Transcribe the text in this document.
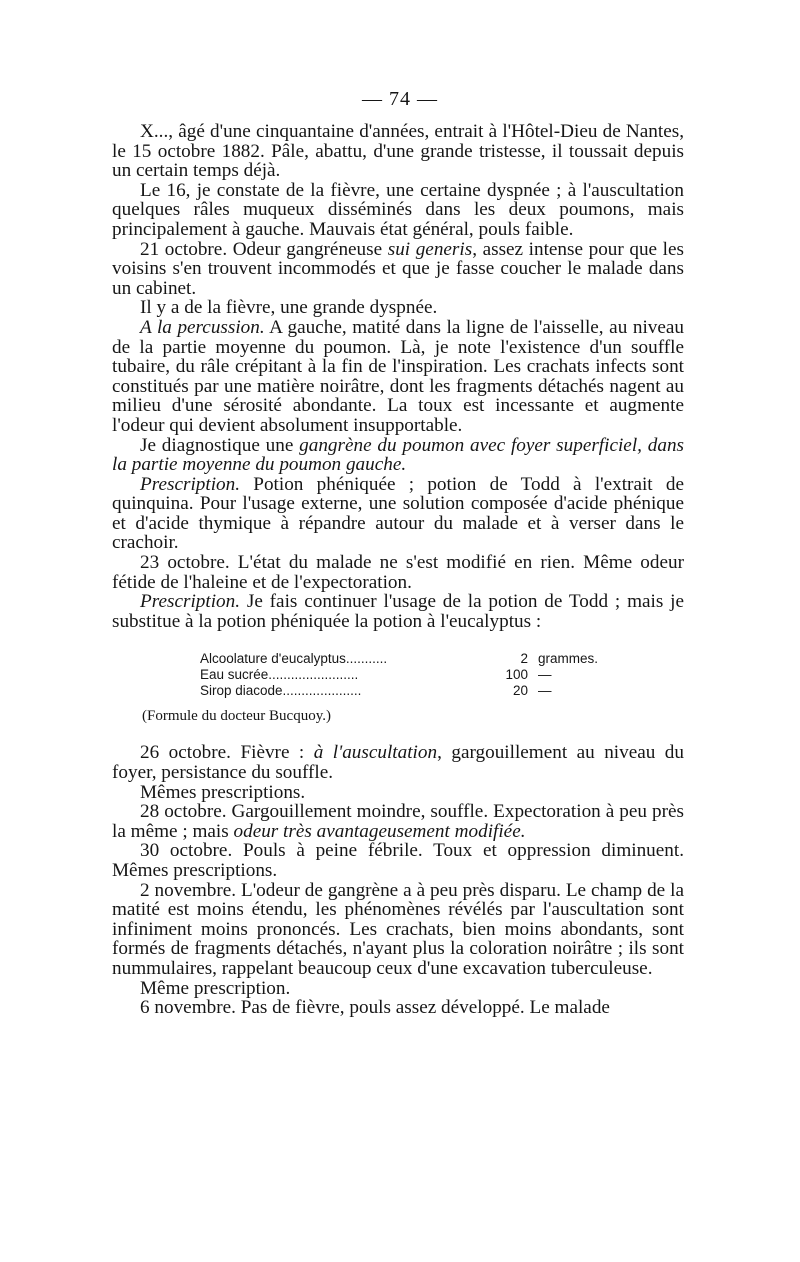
— 74 —

X..., âgé d'une cinquantaine d'années, entrait à l'Hôtel-Dieu de Nantes, le 15 octobre 1882. Pâle, abattu, d'une grande tristesse, il toussait depuis un certain temps déjà.

Le 16, je constate de la fièvre, une certaine dyspnée ; à l'auscultation quelques râles muqueux disséminés dans les deux poumons, mais principalement à gauche. Mauvais état général, pouls faible.

21 octobre. Odeur gangréneuse sui generis, assez intense pour que les voisins s'en trouvent incommodés et que je fasse coucher le malade dans un cabinet.

Il y a de la fièvre, une grande dyspnée.

A la percussion. A gauche, matité dans la ligne de l'aisselle, au niveau de la partie moyenne du poumon. Là, je note l'existence d'un souffle tubaire, du râle crépitant à la fin de l'inspiration. Les crachats infects sont constitués par une matière noirâtre, dont les fragments détachés nagent au milieu d'une sérosité abondante. La toux est incessante et augmente l'odeur qui devient absolument insupportable.

Je diagnostique une gangrène du poumon avec foyer superficiel, dans la partie moyenne du poumon gauche.

Prescription. Potion phéniquée ; potion de Todd à l'extrait de quinquina. Pour l'usage externe, une solution composée d'acide phénique et d'acide thymique à répandre autour du malade et à verser dans le crachoir.

23 octobre. L'état du malade ne s'est modifié en rien. Même odeur fétide de l'haleine et de l'expectoration.

Prescription. Je fais continuer l'usage de la potion de Todd ; mais je substitue à la potion phéniquée la potion à l'eucalyptus :

Alcoolature d'eucalyptus...........	2 grammes.
Eau sucrée........................	100 —
Sirop diacode.....................	20 —
(Formule du docteur Bucquoy.)

26 octobre. Fièvre : à l'auscultation, gargouillement au niveau du foyer, persistance du souffle.

Mêmes prescriptions.

28 octobre. Gargouillement moindre, souffle. Expectoration à peu près la même ; mais odeur très avantageusement modifiée.

30 octobre. Pouls à peine fébrile. Toux et oppression diminuent. Mêmes prescriptions.

2 novembre. L'odeur de gangrène a à peu près disparu. Le champ de la matité est moins étendu, les phénomènes révélés par l'auscultation sont infiniment moins prononcés. Les crachats, bien moins abondants, sont formés de fragments détachés, n'ayant plus la coloration noirâtre ; ils sont nummulaires, rappelant beaucoup ceux d'une excavation tuberculeuse.

Même prescription.

6 novembre. Pas de fièvre, pouls assez développé. Le malade
